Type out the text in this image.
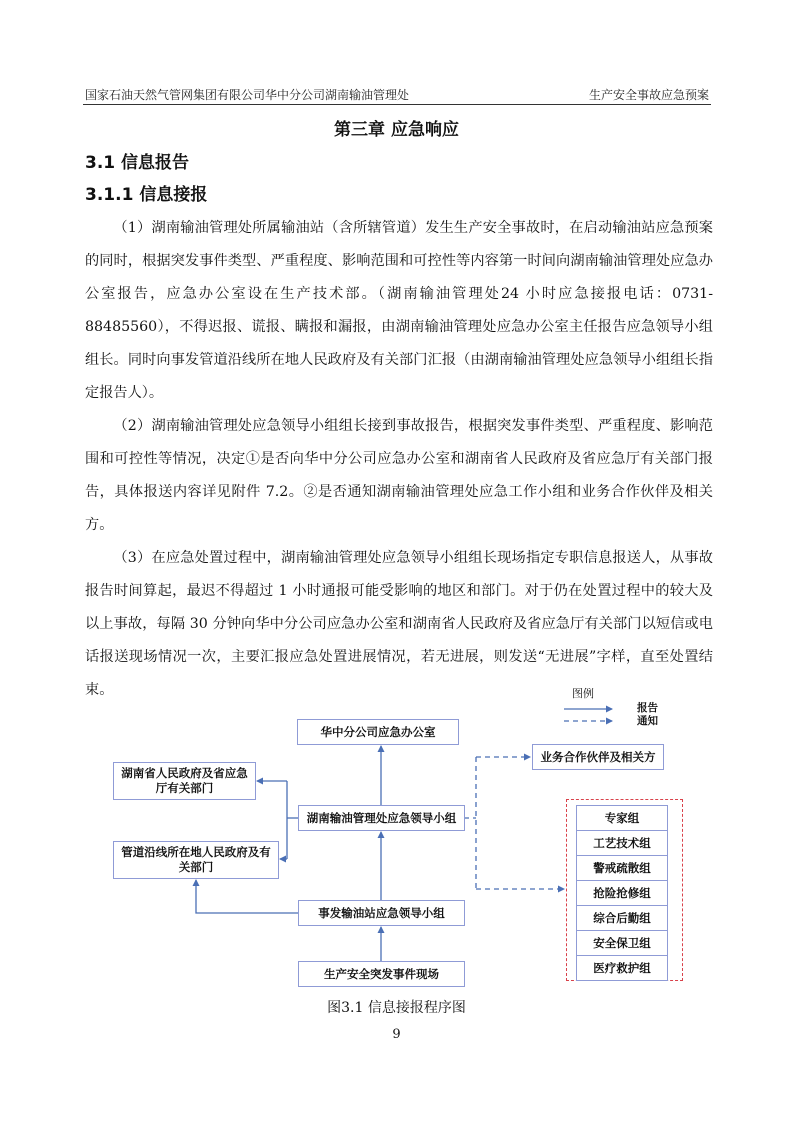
国家石油天然气管网集团有限公司华中分公司湖南输油管理处	生产安全事故应急预案
第三章 应急响应
3.1 信息报告
3.1.1 信息接报

（1）湖南输油管理处所属输油站（含所辖管道）发生生产安全事故时，在启动输油站应急预案的同时，根据突发事件类型、严重程度、影响范围和可控性等内容第一时间向湖南输油管理处应急办公室报告，应急办公室设在生产技术部。（湖南输油管理处24 小时应急接报电话：0731-88485560），不得迟报、谎报、瞒报和漏报，由湖南输油管理处应急办公室主任报告应急领导小组组长。同时向事发管道沿线所在地人民政府及有关部门汇报（由湖南输油管理处应急领导小组组长指定报告人）。

（2）湖南输油管理处应急领导小组组长接到事故报告，根据突发事件类型、严重程度、影响范围和可控性等情况，决定①是否向华中分公司应急办公室和湖南省人民政府及省应急厅有关部门报告，具体报送内容详见附件 7.2。②是否通知湖南输油管理处应急工作小组和业务合作伙伴及相关方。

（3）在应急处置过程中，湖南输油管理处应急领导小组组长现场指定专职信息报送人，从事故报告时间算起，最迟不得超过 1 小时通报可能受影响的地区和部门。对于仍在处置过程中的较大及以上事故，每隔 30 分钟向华中分公司应急办公室和湖南省人民政府及省应急厅有关部门以短信或电话报送现场情况一次，主要汇报应急处置进展情况，若无进展，则发送“无进展”字样，直至处置结束。	图例
报告
通知
华中分公司应急办公室
业务合作伙伴及相关方
湖南省人民政府及省应急厅有关部门
湖南输油管理处应急领导小组
管道沿线所在地人民政府及有关部门
事发输油站应急领导小组
生产安全突发事件现场
专家组
工艺技术组
警戒疏散组
抢险抢修组
综合后勤组
安全保卫组
医疗救护组
图3.1 信息接报程序图
9
